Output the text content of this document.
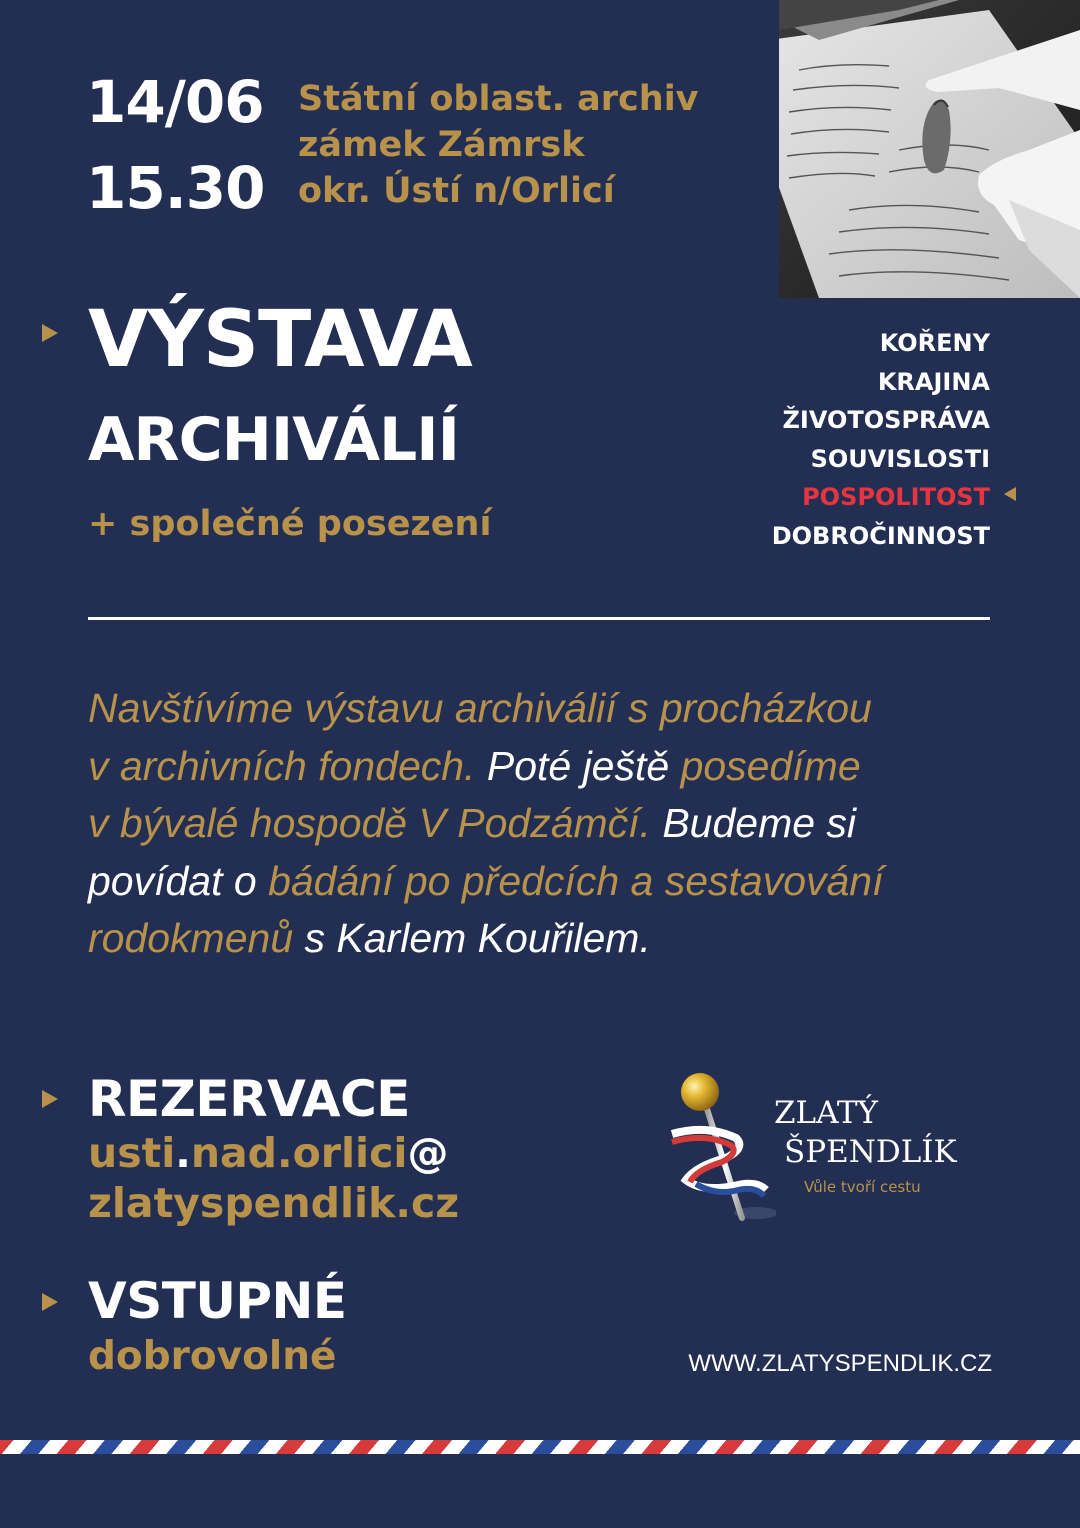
14/06
15.30
Státní oblast. archiv
zámek Zámrsk
okr. Ústí n/Orlicí
VÝSTAVA
ARCHIVÁLIÍ
+ společné posezení
KOŘENY
KRAJINA
ŽIVOTOSPRÁVA
SOUVISLOSTI
POSPOLITOST
DOBROČINNOST
Navštívíme výstavu archiválií s procházkou
v archivních fondech. Poté ještě posedíme
v bývalé hospodě V Podzámčí. Budeme si
povídat o bádání po předcích a sestavování
rodokmenů s Karlem Kouřilem.
REZERVACE
usti.nad.orlici@
zlatyspendlik.cz
VSTUPNÉ
dobrovolné
ZLATÝ
ŠPENDLÍK
Vůle tvoří cestu
WWW.ZLATYSPENDLIK.CZ
